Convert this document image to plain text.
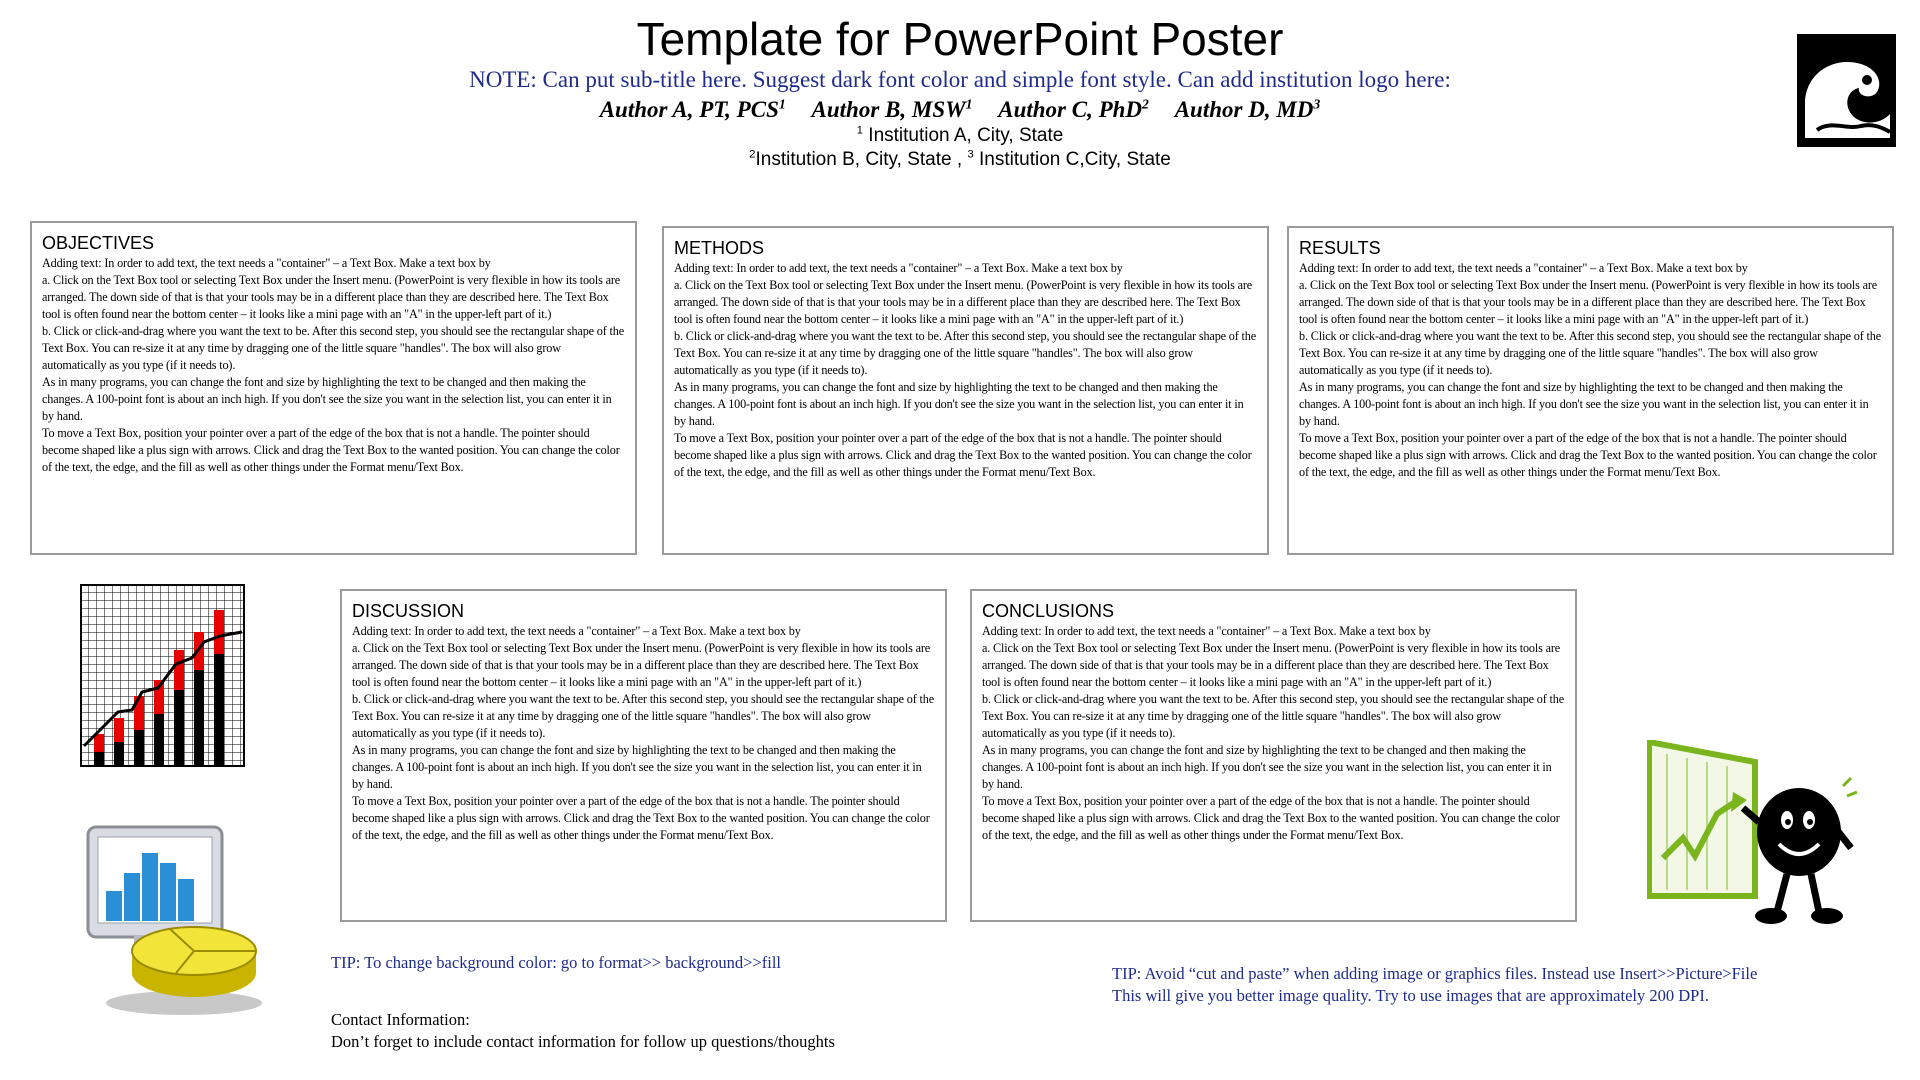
Template for PowerPoint Poster
NOTE: Can put sub-title here. Suggest dark font color and simple font style. Can add institution logo here:
Author A, PT, PCS$^1$ Author B, MSW$^1$ Author C, PhD$^2$ Author D, $MD^3$
$^1$ Institution A, City, State
$^2$Institution B, City, State , $^3$ Institution C,City, State
OBJECTIVES

Adding text: In order to add text, the text needs a "container" – a Text Box. Make a text box by

a. Click on the Text Box tool or selecting Text Box under the Insert menu. (PowerPoint is very flexible in how its tools are arranged. The down side of that is that your tools may be in a different place than they are described here. The Text Box tool is often found near the bottom center – it looks like a mini page with an "A" in the upper-left part of it.)

b. Click or click-and-drag where you want the text to be. After this second step, you should see the rectangular shape of the Text Box. You can re-size it at any time by dragging one of the little square "handles". The box will also grow automatically as you type (if it needs to).

As in many programs, you can change the font and size by highlighting the text to be changed and then making the changes. A 100-point font is about an inch high. If you don't see the size you want in the selection list, you can enter it in by hand.

To move a Text Box, position your pointer over a part of the edge of the box that is not a handle. The pointer should become shaped like a plus sign with arrows. Click and drag the Text Box to the wanted position. You can change the color of the text, the edge, and the fill as well as other things under the Format menu/Text Box.

METHODS

Adding text: In order to add text, the text needs a "container" – a Text Box. Make a text box by

a. Click on the Text Box tool or selecting Text Box under the Insert menu. (PowerPoint is very flexible in how its tools are arranged. The down side of that is that your tools may be in a different place than they are described here. The Text Box tool is often found near the bottom center – it looks like a mini page with an "A" in the upper-left part of it.)

b. Click or click-and-drag where you want the text to be. After this second step, you should see the rectangular shape of the Text Box. You can re-size it at any time by dragging one of the little square "handles". The box will also grow automatically as you type (if it needs to).

As in many programs, you can change the font and size by highlighting the text to be changed and then making the changes. A 100-point font is about an inch high. If you don't see the size you want in the selection list, you can enter it in by hand.

To move a Text Box, position your pointer over a part of the edge of the box that is not a handle. The pointer should become shaped like a plus sign with arrows. Click and drag the Text Box to the wanted position. You can change the color of the text, the edge, and the fill as well as other things under the Format menu/Text Box.

RESULTS

Adding text: In order to add text, the text needs a "container" – a Text Box. Make a text box by

a. Click on the Text Box tool or selecting Text Box under the Insert menu. (PowerPoint is very flexible in how its tools are arranged. The down side of that is that your tools may be in a different place than they are described here. The Text Box tool is often found near the bottom center – it looks like a mini page with an "A" in the upper-left part of it.)

b. Click or click-and-drag where you want the text to be. After this second step, you should see the rectangular shape of the Text Box. You can re-size it at any time by dragging one of the little square "handles". The box will also grow automatically as you type (if it needs to).

As in many programs, you can change the font and size by highlighting the text to be changed and then making the changes. A 100-point font is about an inch high. If you don't see the size you want in the selection list, you can enter it in by hand.

To move a Text Box, position your pointer over a part of the edge of the box that is not a handle. The pointer should become shaped like a plus sign with arrows. Click and drag the Text Box to the wanted position. You can change the color of the text, the edge, and the fill as well as other things under the Format menu/Text Box.

DISCUSSION

Adding text: In order to add text, the text needs a "container" – a Text Box. Make a text box by

a. Click on the Text Box tool or selecting Text Box under the Insert menu. (PowerPoint is very flexible in how its tools are arranged. The down side of that is that your tools may be in a different place than they are described here. The Text Box tool is often found near the bottom center – it looks like a mini page with an "A" in the upper-left part of it.)

b. Click or click-and-drag where you want the text to be. After this second step, you should see the rectangular shape of the Text Box. You can re-size it at any time by dragging one of the little square "handles". The box will also grow automatically as you type (if it needs to).

As in many programs, you can change the font and size by highlighting the text to be changed and then making the changes. A 100-point font is about an inch high. If you don't see the size you want in the selection list, you can enter it in by hand.

To move a Text Box, position your pointer over a part of the edge of the box that is not a handle. The pointer should become shaped like a plus sign with arrows. Click and drag the Text Box to the wanted position. You can change the color of the text, the edge, and the fill as well as other things under the Format menu/Text Box.

CONCLUSIONS

Adding text: In order to add text, the text needs a "container" – a Text Box. Make a text box by

a. Click on the Text Box tool or selecting Text Box under the Insert menu. (PowerPoint is very flexible in how its tools are arranged. The down side of that is that your tools may be in a different place than they are described here. The Text Box tool is often found near the bottom center – it looks like a mini page with an "A" in the upper-left part of it.)

b. Click or click-and-drag where you want the text to be. After this second step, you should see the rectangular shape of the Text Box. You can re-size it at any time by dragging one of the little square "handles". The box will also grow automatically as you type (if it needs to).

As in many programs, you can change the font and size by highlighting the text to be changed and then making the changes. A 100-point font is about an inch high. If you don't see the size you want in the selection list, you can enter it in by hand.

To move a Text Box, position your pointer over a part of the edge of the box that is not a handle. The pointer should become shaped like a plus sign with arrows. Click and drag the Text Box to the wanted position. You can change the color of the text, the edge, and the fill as well as other things under the Format menu/Text Box.

TIP: To change background color: go to format>> background>>fill
TIP: Avoid “cut and paste” when adding image or graphics files. Instead use Insert>>Picture>File
This will give you better image quality. Try to use images that are approximately 200 DPI.
Contact Information:
Don’t forget to include contact information for follow up questions/thoughts
